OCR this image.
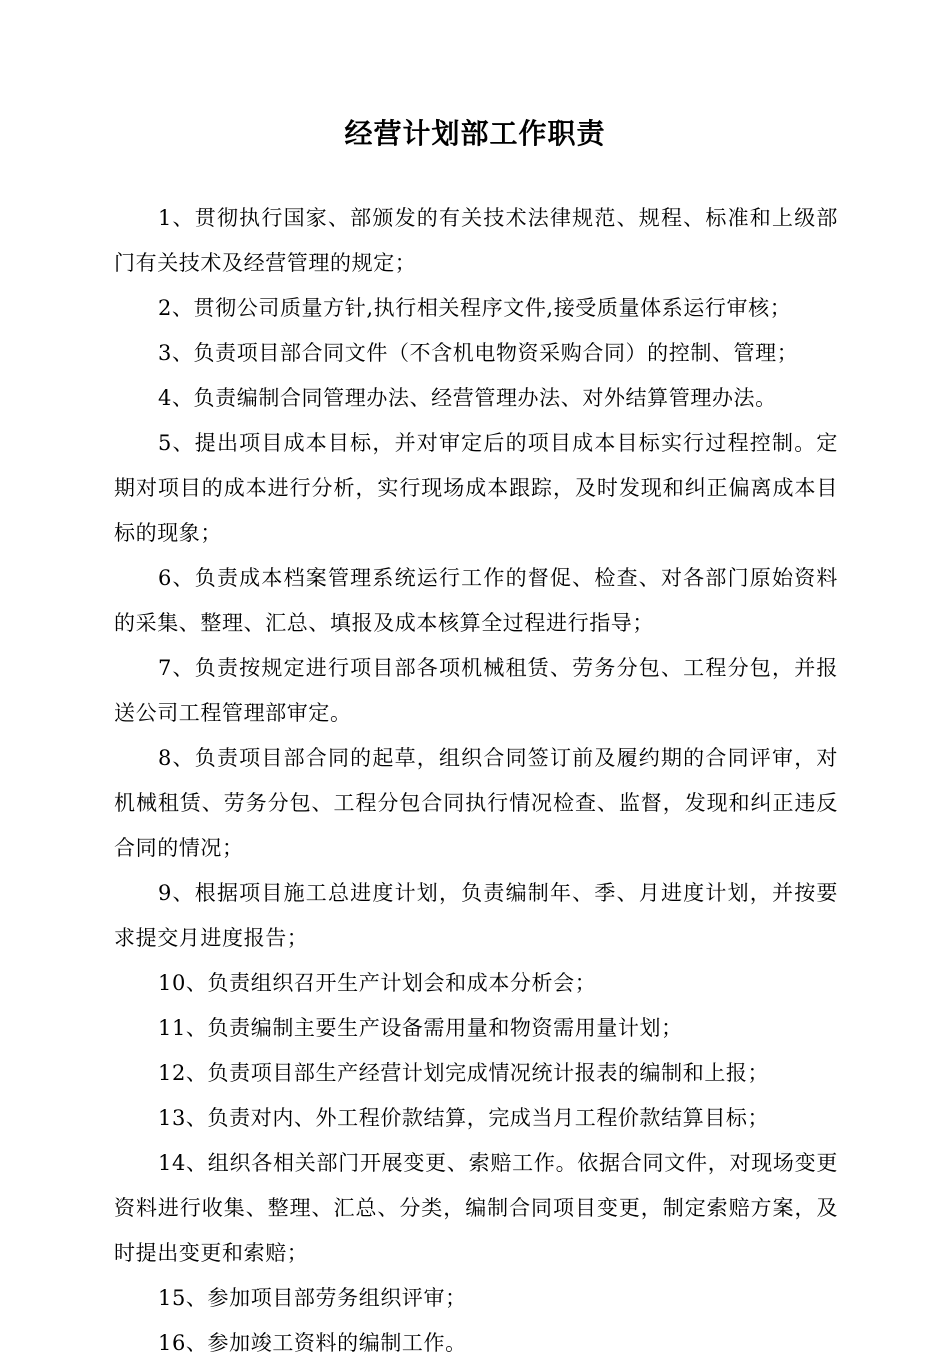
经营计划部工作职责

1、贯彻执行国家、部颁发的有关技术法律规范、规程、标准和上级部门有关技术及经营管理的规定；

2、贯彻公司质量方针,执行相关程序文件,接受质量体系运行审核；

3、负责项目部合同文件（不含机电物资采购合同）的控制、管理；

4、负责编制合同管理办法、经营管理办法、对外结算管理办法。

5、提出项目成本目标，并对审定后的项目成本目标实行过程控制。定期对项目的成本进行分析，实行现场成本跟踪，及时发现和纠正偏离成本目标的现象；

6、负责成本档案管理系统运行工作的督促、检查、对各部门原始资料的采集、整理、汇总、填报及成本核算全过程进行指导；

7、负责按规定进行项目部各项机械租赁、劳务分包、工程分包，并报送公司工程管理部审定。

8、负责项目部合同的起草，组织合同签订前及履约期的合同评审，对机械租赁、劳务分包、工程分包合同执行情况检查、监督，发现和纠正违反合同的情况；

9、根据项目施工总进度计划，负责编制年、季、月进度计划，并按要求提交月进度报告；

10、负责组织召开生产计划会和成本分析会；

11、负责编制主要生产设备需用量和物资需用量计划；

12、负责项目部生产经营计划完成情况统计报表的编制和上报；

13、负责对内、外工程价款结算，完成当月工程价款结算目标；

14、组织各相关部门开展变更、索赔工作。依据合同文件，对现场变更资料进行收集、整理、汇总、分类，编制合同项目变更，制定索赔方案，及时提出变更和索赔；

15、参加项目部劳务组织评审；

16、参加竣工资料的编制工作。
